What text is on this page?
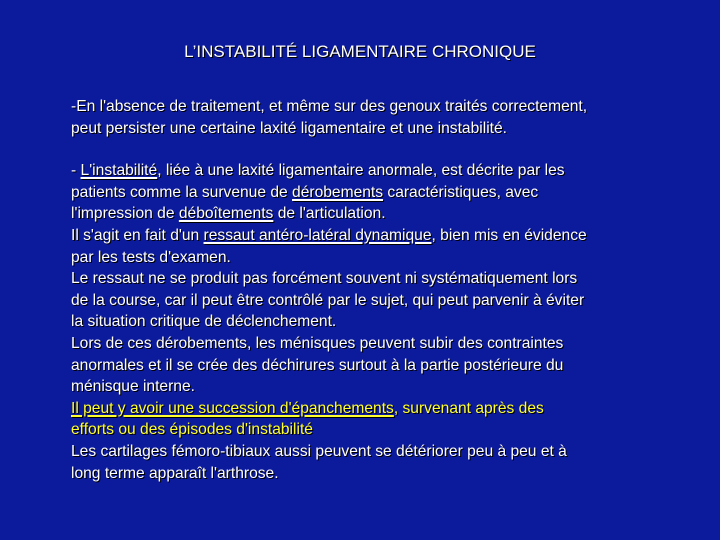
L’INSTABILITÉ LIGAMENTAIRE CHRONIQUE

-En l'absence de traitement, et même sur des genoux traités correctement,
peut persister une certaine laxité ligamentaire et une instabilité.

- L'instabilité, liée à une laxité ligamentaire anormale, est décrite par les
patients comme la survenue de dérobements caractéristiques, avec
l'impression de déboîtements de l'articulation.
Il s'agit en fait d'un ressaut antéro-latéral dynamique, bien mis en évidence
par les tests d'examen.
Le ressaut ne se produit pas forcément souvent ni systématiquement lors
de la course, car il peut être contrôlé par le sujet, qui peut parvenir à éviter
la situation critique de déclenchement.
Lors de ces dérobements, les ménisques peuvent subir des contraintes
anormales et il se crée des déchirures surtout à la partie postérieure du
ménisque interne.
Il peut y avoir une succession d'épanchements, survenant après des
efforts ou des épisodes d'instabilité
Les cartilages fémoro-tibiaux aussi peuvent se détériorer peu à peu et à
long terme apparaît l'arthrose.
